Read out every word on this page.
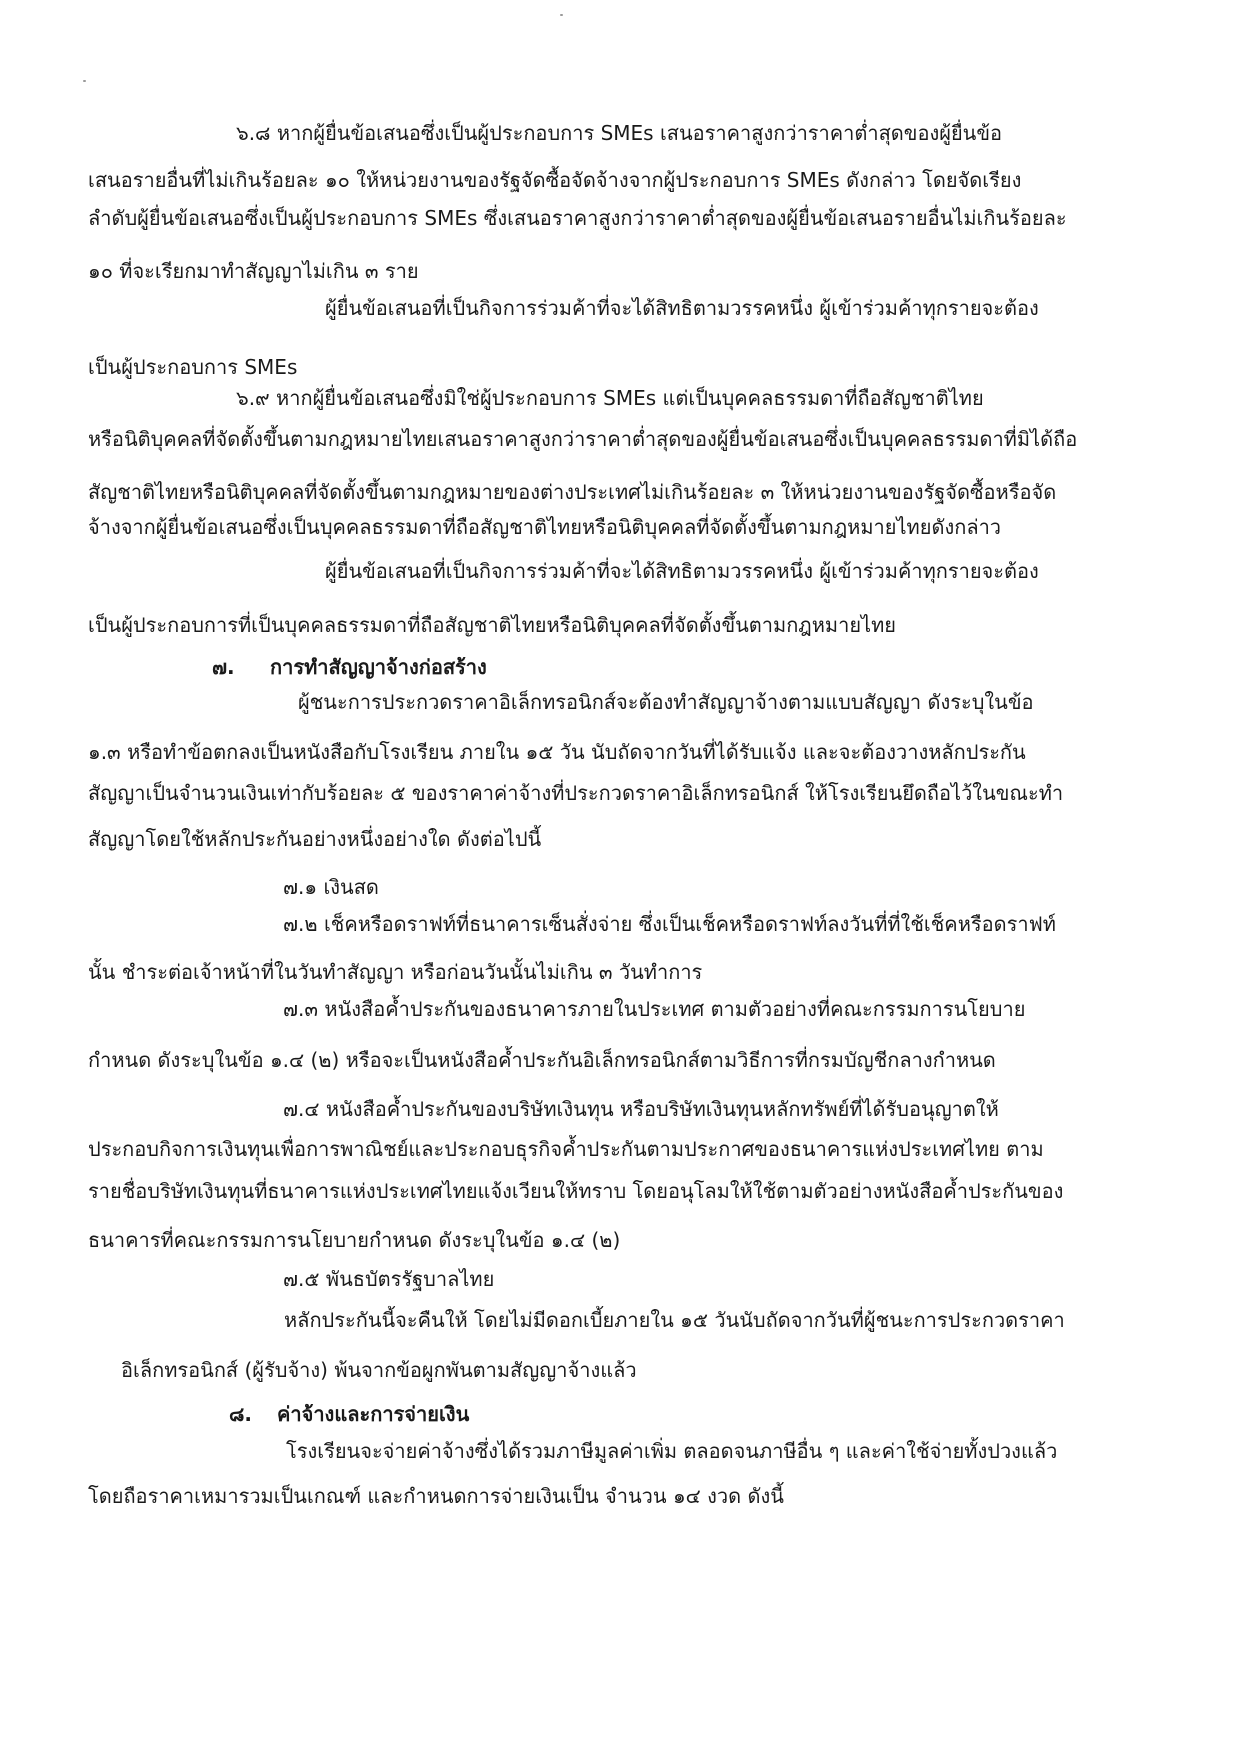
๖.๘ หากผู้ยื่นข้อเสนอซึ่งเป็นผู้ประกอบการ SMEs เสนอราคาสูงกว่าราคาต่ำสุดของผู้ยื่นข้อ
เสนอรายอื่นที่ไม่เกินร้อยละ ๑๐ ให้หน่วยงานของรัฐจัดซื้อจัดจ้างจากผู้ประกอบการ SMEs ดังกล่าว โดยจัดเรียง
ลำดับผู้ยื่นข้อเสนอซึ่งเป็นผู้ประกอบการ SMEs ซึ่งเสนอราคาสูงกว่าราคาต่ำสุดของผู้ยื่นข้อเสนอรายอื่นไม่เกินร้อยละ
๑๐ ที่จะเรียกมาทำสัญญาไม่เกิน ๓ ราย
ผู้ยื่นข้อเสนอที่เป็นกิจการร่วมค้าที่จะได้สิทธิตามวรรคหนึ่ง ผู้เข้าร่วมค้าทุกรายจะต้อง
เป็นผู้ประกอบการ SMEs
๖.๙ หากผู้ยื่นข้อเสนอซึ่งมิใช่ผู้ประกอบการ SMEs แต่เป็นบุคคลธรรมดาที่ถือสัญชาติไทย
หรือนิติบุคคลที่จัดตั้งขึ้นตามกฎหมายไทยเสนอราคาสูงกว่าราคาต่ำสุดของผู้ยื่นข้อเสนอซึ่งเป็นบุคคลธรรมดาที่มิได้ถือ
สัญชาติไทยหรือนิติบุคคลที่จัดตั้งขึ้นตามกฎหมายของต่างประเทศไม่เกินร้อยละ ๓ ให้หน่วยงานของรัฐจัดซื้อหรือจัด
จ้างจากผู้ยื่นข้อเสนอซึ่งเป็นบุคคลธรรมดาที่ถือสัญชาติไทยหรือนิติบุคคลที่จัดตั้งขึ้นตามกฎหมายไทยดังกล่าว
ผู้ยื่นข้อเสนอที่เป็นกิจการร่วมค้าที่จะได้สิทธิตามวรรคหนึ่ง ผู้เข้าร่วมค้าทุกรายจะต้อง
เป็นผู้ประกอบการที่เป็นบุคคลธรรมดาที่ถือสัญชาติไทยหรือนิติบุคคลที่จัดตั้งขึ้นตามกฎหมายไทย
๗. การทำสัญญาจ้างก่อสร้าง
ผู้ชนะการประกวดราคาอิเล็กทรอนิกส์จะต้องทำสัญญาจ้างตามแบบสัญญา ดังระบุในข้อ
๑.๓ หรือทำข้อตกลงเป็นหนังสือกับโรงเรียน ภายใน ๑๕ วัน นับถัดจากวันที่ได้รับแจ้ง และจะต้องวางหลักประกัน
สัญญาเป็นจำนวนเงินเท่ากับร้อยละ ๕ ของราคาค่าจ้างที่ประกวดราคาอิเล็กทรอนิกส์ ให้โรงเรียนยึดถือไว้ในขณะทำ
สัญญาโดยใช้หลักประกันอย่างหนึ่งอย่างใด ดังต่อไปนี้
๗.๑ เงินสด
๗.๒ เช็คหรือดราฟท์ที่ธนาคารเซ็นสั่งจ่าย ซึ่งเป็นเช็คหรือดราฟท์ลงวันที่ที่ใช้เช็คหรือดราฟท์
นั้น ชำระต่อเจ้าหน้าที่ในวันทำสัญญา หรือก่อนวันนั้นไม่เกิน ๓ วันทำการ
๗.๓ หนังสือค้ำประกันของธนาคารภายในประเทศ ตามตัวอย่างที่คณะกรรมการนโยบาย
กำหนด ดังระบุในข้อ ๑.๔ (๒) หรือจะเป็นหนังสือค้ำประกันอิเล็กทรอนิกส์ตามวิธีการที่กรมบัญชีกลางกำหนด
๗.๔ หนังสือค้ำประกันของบริษัทเงินทุน หรือบริษัทเงินทุนหลักทรัพย์ที่ได้รับอนุญาตให้
ประกอบกิจการเงินทุนเพื่อการพาณิชย์และประกอบธุรกิจค้ำประกันตามประกาศของธนาคารแห่งประเทศไทย ตาม
รายชื่อบริษัทเงินทุนที่ธนาคารแห่งประเทศไทยแจ้งเวียนให้ทราบ โดยอนุโลมให้ใช้ตามตัวอย่างหนังสือค้ำประกันของ
ธนาคารที่คณะกรรมการนโยบายกำหนด ดังระบุในข้อ ๑.๔ (๒)
๗.๕ พันธบัตรรัฐบาลไทย
หลักประกันนี้จะคืนให้ โดยไม่มีดอกเบี้ยภายใน ๑๕ วันนับถัดจากวันที่ผู้ชนะการประกวดราคา
อิเล็กทรอนิกส์ (ผู้รับจ้าง) พ้นจากข้อผูกพันตามสัญญาจ้างแล้ว
๘. ค่าจ้างและการจ่ายเงิน
โรงเรียนจะจ่ายค่าจ้างซึ่งได้รวมภาษีมูลค่าเพิ่ม ตลอดจนภาษีอื่น ๆ และค่าใช้จ่ายทั้งปวงแล้ว
โดยถือราคาเหมารวมเป็นเกณฑ์ และกำหนดการจ่ายเงินเป็น จำนวน ๑๔ งวด ดังนี้
